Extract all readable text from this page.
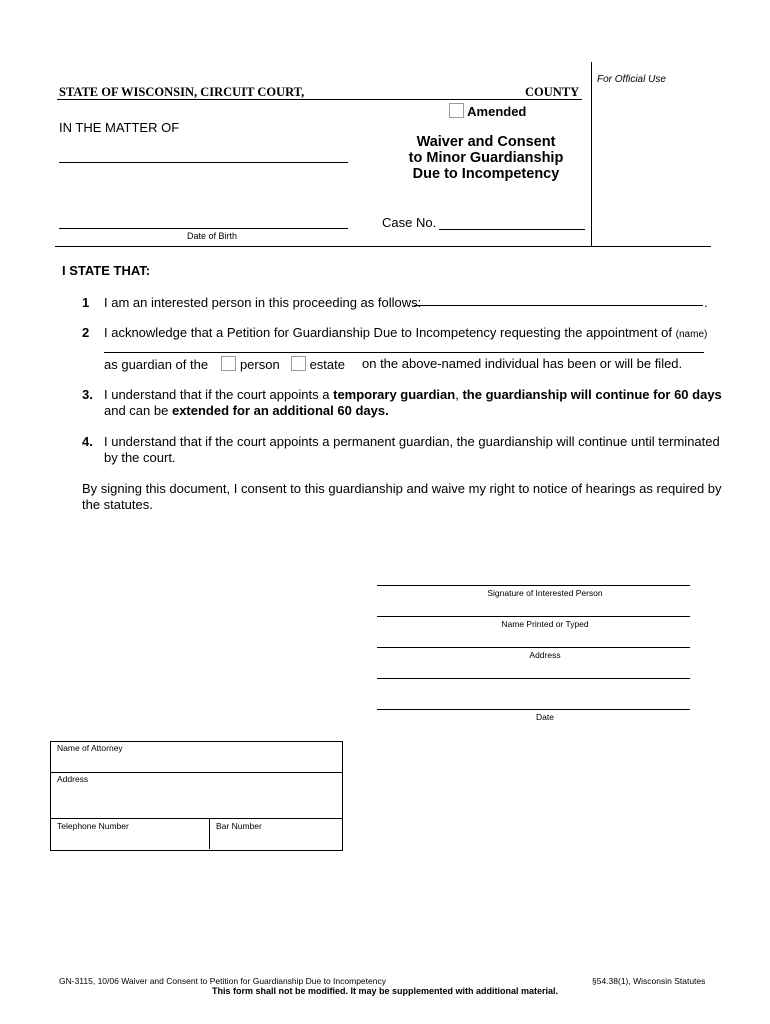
For Official Use
STATE OF WISCONSIN, CIRCUIT COURT,	COUNTY
Amended
IN THE MATTER OF
Waiver and Consent
to Minor Guardianship
Due to Incompetency
Date of Birth
Case No.
I STATE THAT:
1 I am an interested person in this proceeding as follows:	.
2 I acknowledge that a Petition for Guardianship Due to Incompetency requesting the appointment of (name)
as guardian of the person estate on the above-named individual has been or will be filed.
3. I understand that if the court appoints a temporary guardian, the guardianship will continue for 60 days
and can be extended for an additional 60 days.
4. I understand that if the court appoints a permanent guardian, the guardianship will continue until terminated
by the court.
By signing this document, I consent to this guardianship and waive my right to notice of hearings as required by
the statutes.
Signature of Interested Person
Name Printed or Typed
Address
Date
Name of Attorney
Address
Telephone Number	Bar Number
GN-3115, 10/06 Waiver and Consent to Petition for Guardianship Due to Incompetency	§54.38(1), Wisconsin Statutes
This form shall not be modified. It may be supplemented with additional material.
